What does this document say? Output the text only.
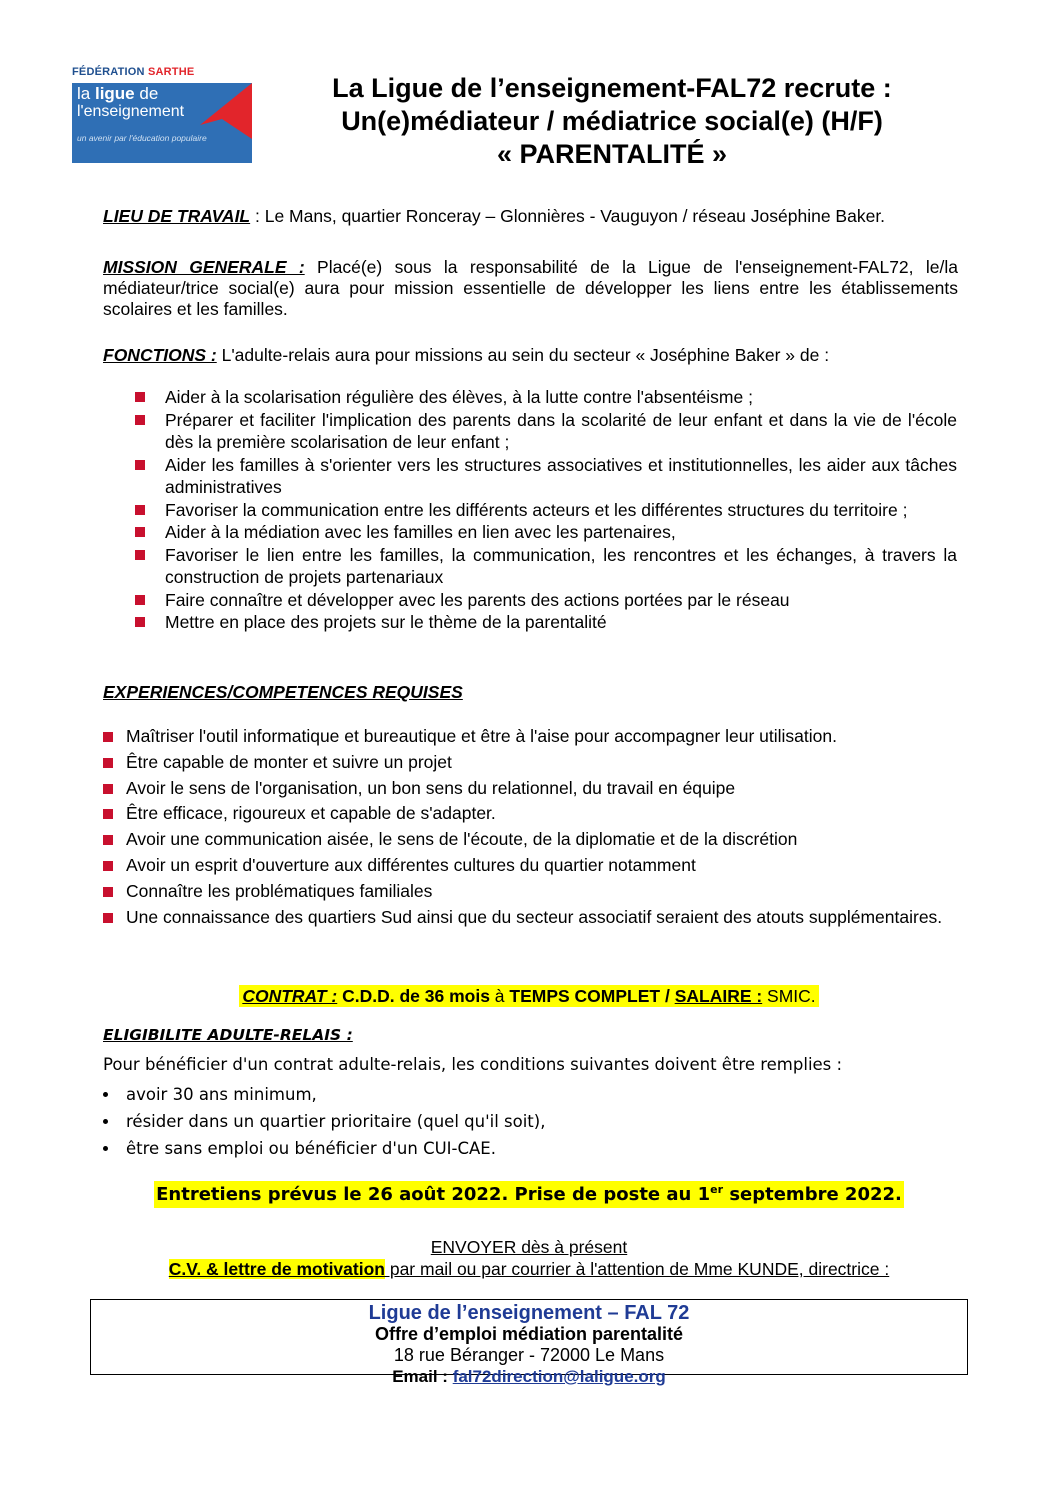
FÉDÉRATION SARTHE
la ligue de
l'enseignement
un avenir par l'éducation populaire
La Ligue de l’enseignement-FAL72 recrute :
Un(e)médiateur / médiatrice social(e) (H/F)
« PARENTALITÉ »
LIEU DE TRAVAIL : Le Mans, quartier Ronceray – Glonnières - Vauguyon / réseau Joséphine Baker.
MISSION GENERALE : Placé(e) sous la responsabilité de la Ligue de l'enseignement-FAL72, le/la médiateur/trice social(e) aura pour mission essentielle de développer les liens entre les établissements scolaires et les familles.
FONCTIONS : L'adulte-relais aura pour missions au sein du secteur « Joséphine Baker » de :
Aider à la scolarisation régulière des élèves, à la lutte contre l'absentéisme ;
Préparer et faciliter l'implication des parents dans la scolarité de leur enfant et dans la vie de l'école dès la première scolarisation de leur enfant ;
Aider les familles à s'orienter vers les structures associatives et institutionnelles, les aider aux tâches administratives
Favoriser la communication entre les différents acteurs et les différentes structures du territoire ;
Aider à la médiation avec les familles en lien avec les partenaires,
Favoriser le lien entre les familles, la communication, les rencontres et les échanges, à travers la construction de projets partenariaux
Faire connaître et développer avec les parents des actions portées par le réseau
Mettre en place des projets sur le thème de la parentalité
EXPERIENCES/COMPETENCES REQUISES
Maîtriser l'outil informatique et bureautique et être à l'aise pour accompagner leur utilisation.
Être capable de monter et suivre un projet
Avoir le sens de l'organisation, un bon sens du relationnel, du travail en équipe
Être efficace, rigoureux et capable de s'adapter.
Avoir une communication aisée, le sens de l'écoute, de la diplomatie et de la discrétion
Avoir un esprit d'ouverture aux différentes cultures du quartier notamment
Connaître les problématiques familiales
Une connaissance des quartiers Sud ainsi que du secteur associatif seraient des atouts supplémentaires.
CONTRAT : C.D.D. de 36 mois à TEMPS COMPLET / SALAIRE : SMIC.
ELIGIBILITE ADULTE-RELAIS :
Pour bénéficier d'un contrat adulte-relais, les conditions suivantes doivent être remplies :
avoir 30 ans minimum,
résider dans un quartier prioritaire (quel qu'il soit),
être sans emploi ou bénéficier d'un CUI-CAE.
Entretiens prévus le 26 août 2022. Prise de poste au 1er septembre 2022.
ENVOYER dès à présent
C.V. & lettre de motivation par mail ou par courrier à l'attention de Mme KUNDE, directrice :
Ligue de l’enseignement – FAL 72
Offre d’emploi médiation parentalité
18 rue Béranger - 72000 Le Mans
Email : fal72direction@laligue.org
